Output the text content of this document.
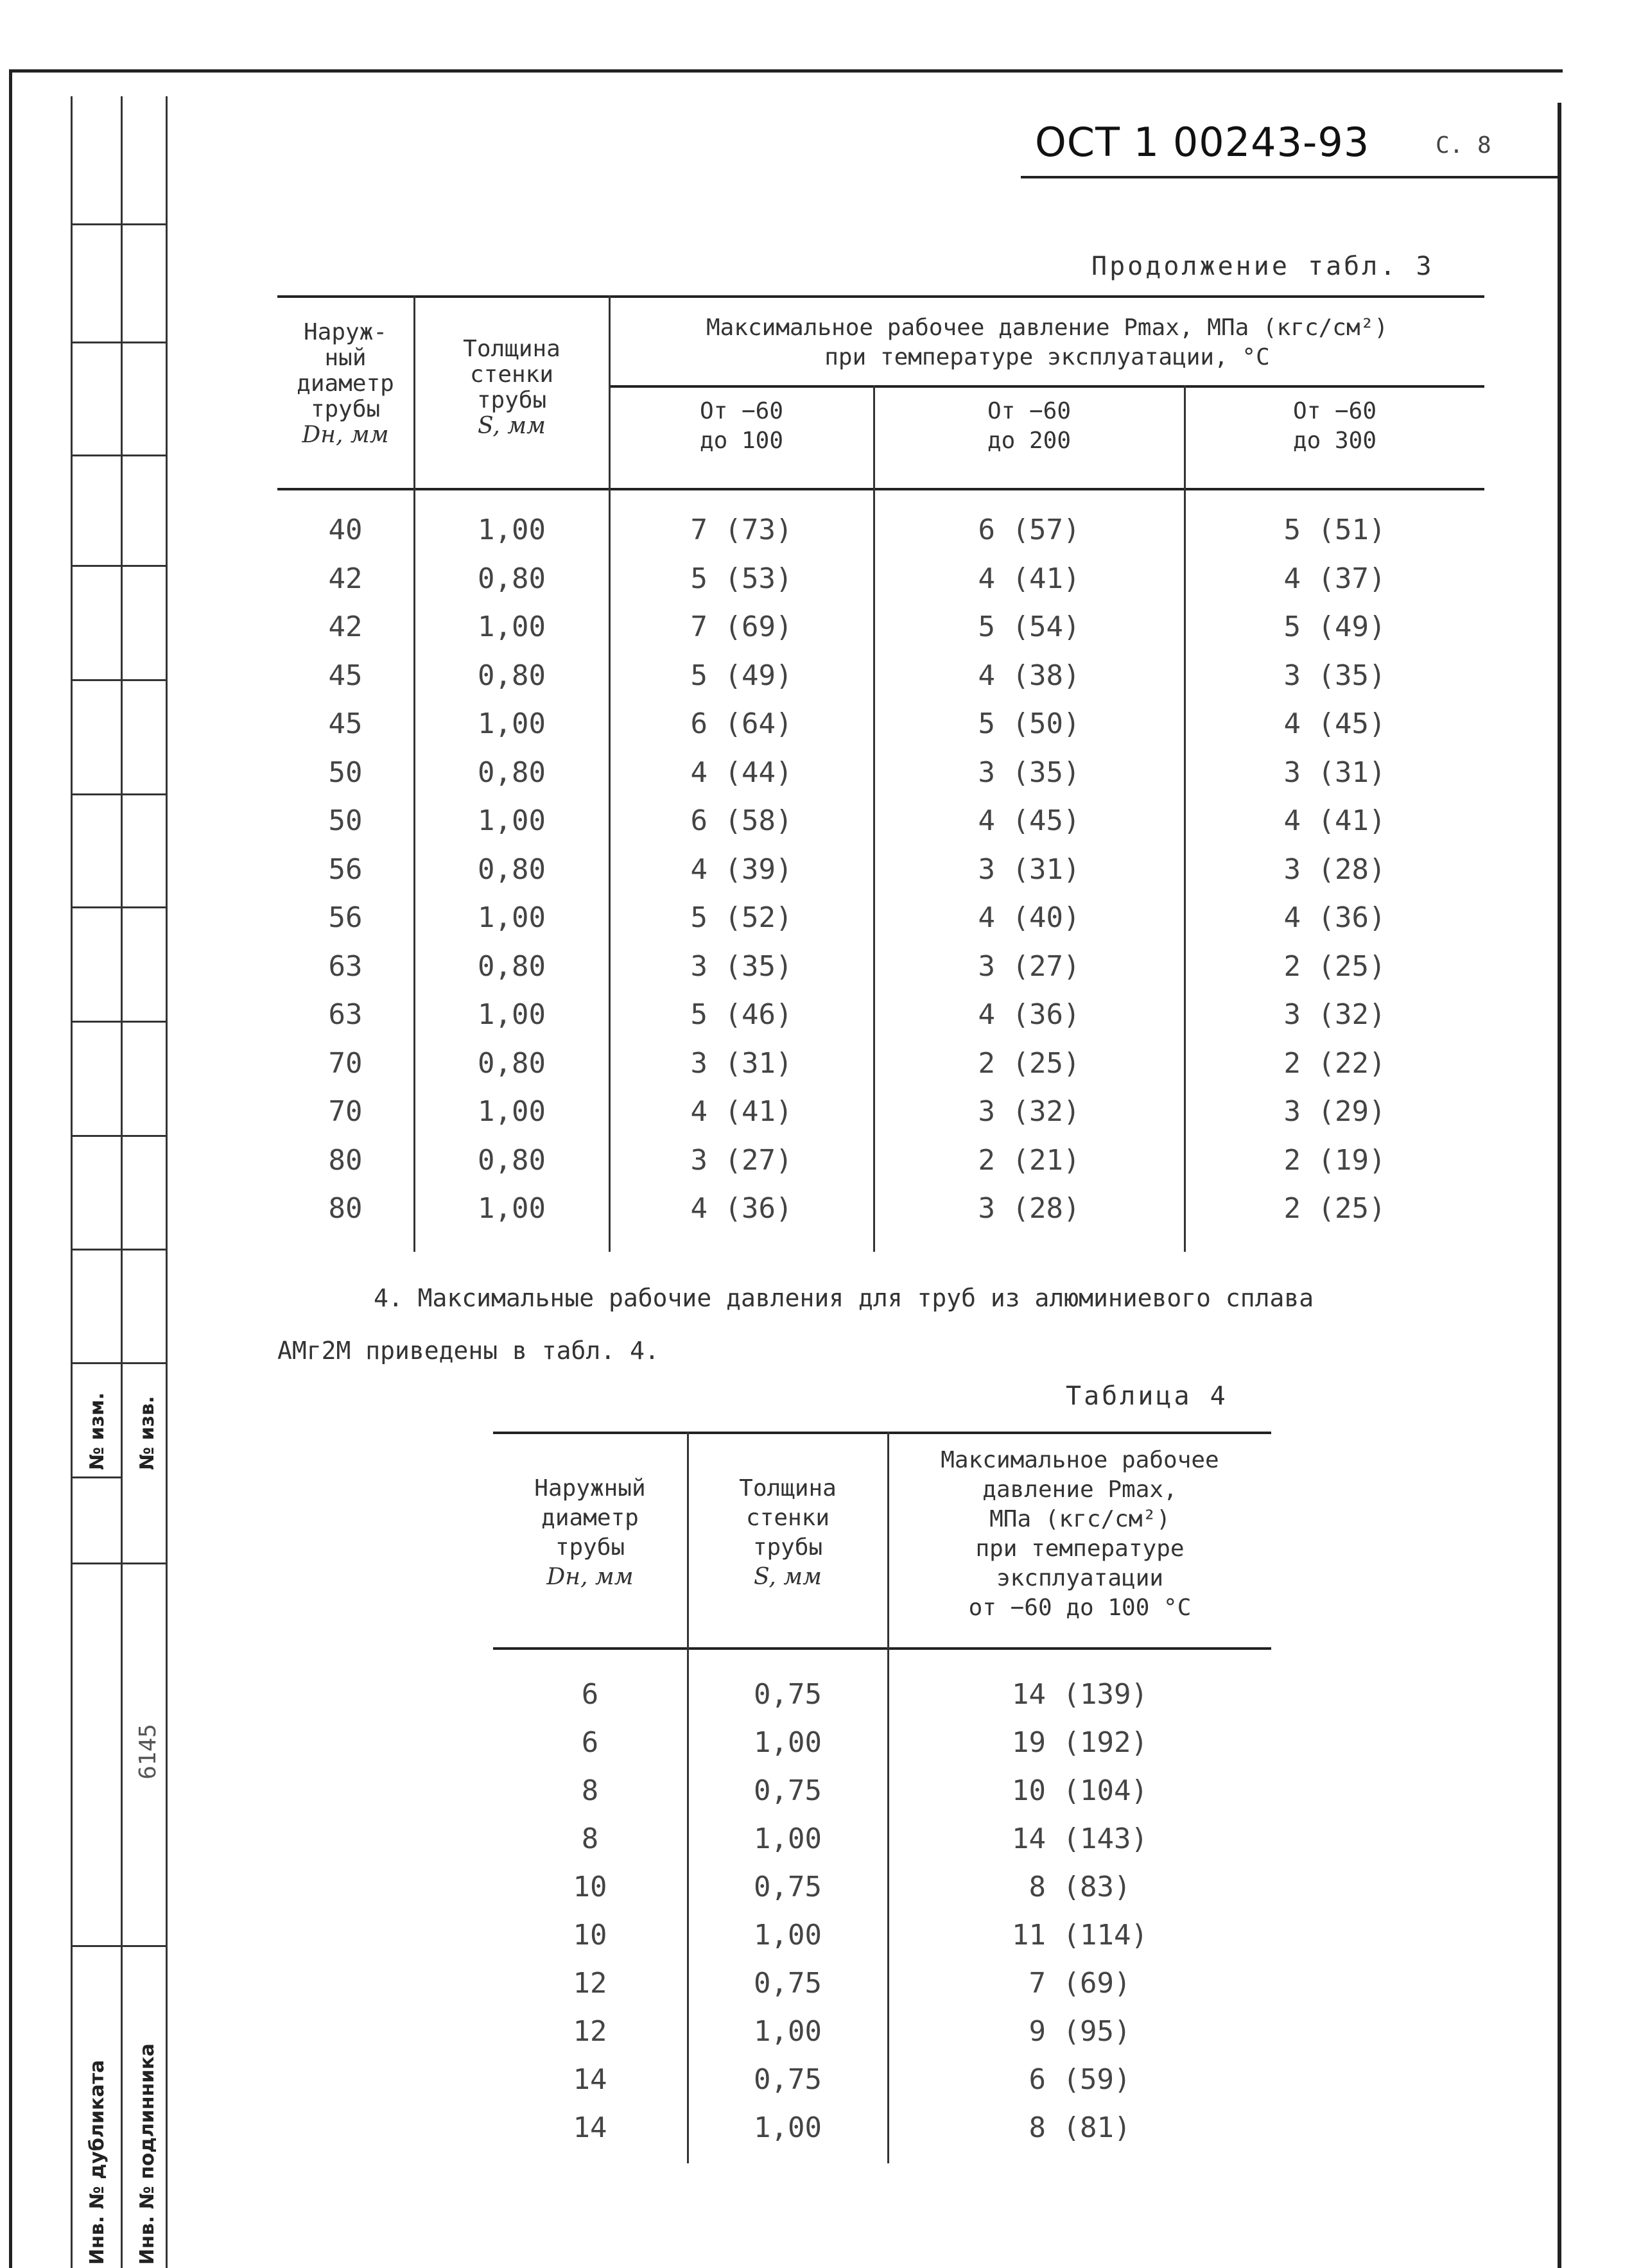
№ изм. № изв.
6145
Инв. № дубликата Инв. № подлинника
ОСТ 1 00243-93	С. 8
Продолжение табл. 3
Наруж-
ный
диаметр
трубы
Dн, мм
Толщина
стенки
трубы
S, мм
Максимальное рабочее давление Pmax, МПа (кгс/см²)
при температуре эксплуатации, °С
От −60
до 100
От −60
до 200
От −60
до 300
40	1,00	7 (73)	6 (57)	5 (51)
42	0,80	5 (53)	4 (41)	4 (37)
42	1,00	7 (69)	5 (54)	5 (49)
45	0,80	5 (49)	4 (38)	3 (35)
45	1,00	6 (64)	5 (50)	4 (45)
50	0,80	4 (44)	3 (35)	3 (31)
50	1,00	6 (58)	4 (45)	4 (41)
56	0,80	4 (39)	3 (31)	3 (28)
56	1,00	5 (52)	4 (40)	4 (36)
63	0,80	3 (35)	3 (27)	2 (25)
63	1,00	5 (46)	4 (36)	3 (32)
70	0,80	3 (31)	2 (25)	2 (22)
70	1,00	4 (41)	3 (32)	3 (29)
80	0,80	3 (27)	2 (21)	2 (19)
80	1,00	4 (36)	3 (28)	2 (25)
4. Максимальные рабочие давления для труб из алюминиевого сплава
АМг2М приведены в табл. 4.
Таблица 4
Наружный
диаметр
трубы
Dн, мм
Толщина
стенки
трубы
S, мм
Максимальное рабочее
давление Pmax,
МПа (кгс/см²)
при температуре
эксплуатации
от −60 до 100 °С
6	0,75	14 (139)
6	1,00	19 (192)
8	0,75	10 (104)
8	1,00	14 (143)
10	0,75	8 (83)
10	1,00	11 (114)
12	0,75	7 (69)
12	1,00	9 (95)
14	0,75	6 (59)
14	1,00	8 (81)
